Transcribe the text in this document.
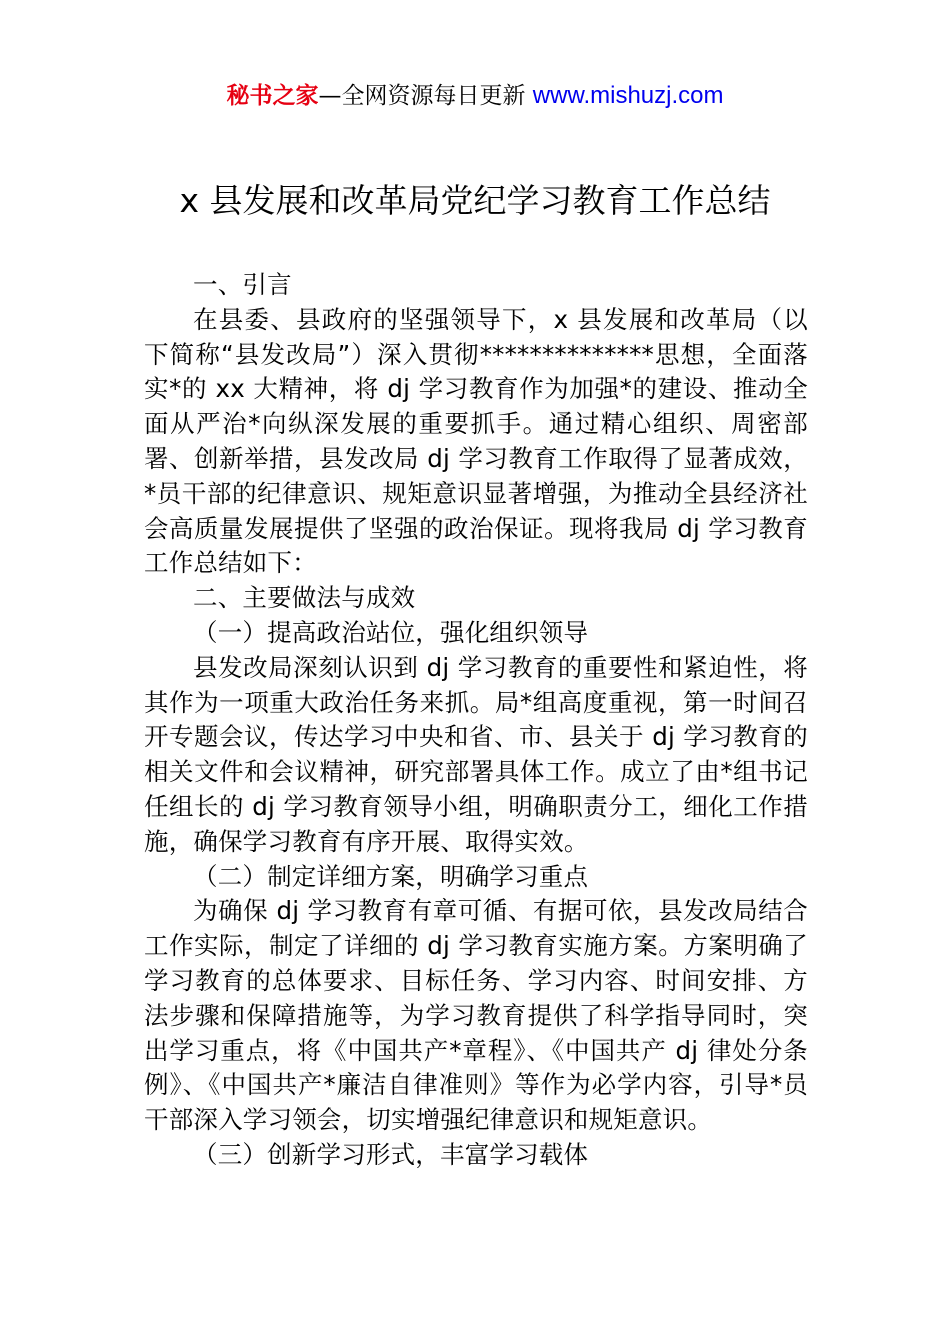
秘书之家—全网资源每日更新 www.mishuzj.com
x 县发展和改革局党纪学习教育工作总结

一、引言

在县委、县政府的坚强领导下，x 县发展和改革局（以下简称“县发改局”）深入贯彻**************思想，全面落实*的 xx 大精神，将 dj 学习教育作为加强*的建设、推动全面从严治*向纵深发展的重要抓手。通过精心组织、周密部署、创新举措，县发改局 dj 学习教育工作取得了显著成效，*员干部的纪律意识、规矩意识显著增强，为推动全县经济社会高质量发展提供了坚强的政治保证。现将我局 dj 学习教育工作总结如下：

二、主要做法与成效

（一）提高政治站位，强化组织领导

县发改局深刻认识到 dj 学习教育的重要性和紧迫性，将其作为一项重大政治任务来抓。局*组高度重视，第一时间召开专题会议，传达学习中央和省、市、县关于 dj 学习教育的相关文件和会议精神，研究部署具体工作。成立了由*组书记任组长的 dj 学习教育领导小组，明确职责分工，细化工作措施，确保学习教育有序开展、取得实效。

（二）制定详细方案，明确学习重点

为确保 dj 学习教育有章可循、有据可依，县发改局结合工作实际，制定了详细的 dj 学习教育实施方案。方案明确了学习教育的总体要求、目标任务、学习内容、时间安排、方法步骤和保障措施等，为学习教育提供了科学指导同时，突出学习重点，将《中国共产*章程》、《中国共产 dj 律处分条例》、《中国共产*廉洁自律准则》等作为必学内容，引导*员干部深入学习领会，切实增强纪律意识和规矩意识。

（三）创新学习形式，丰富学习载体
